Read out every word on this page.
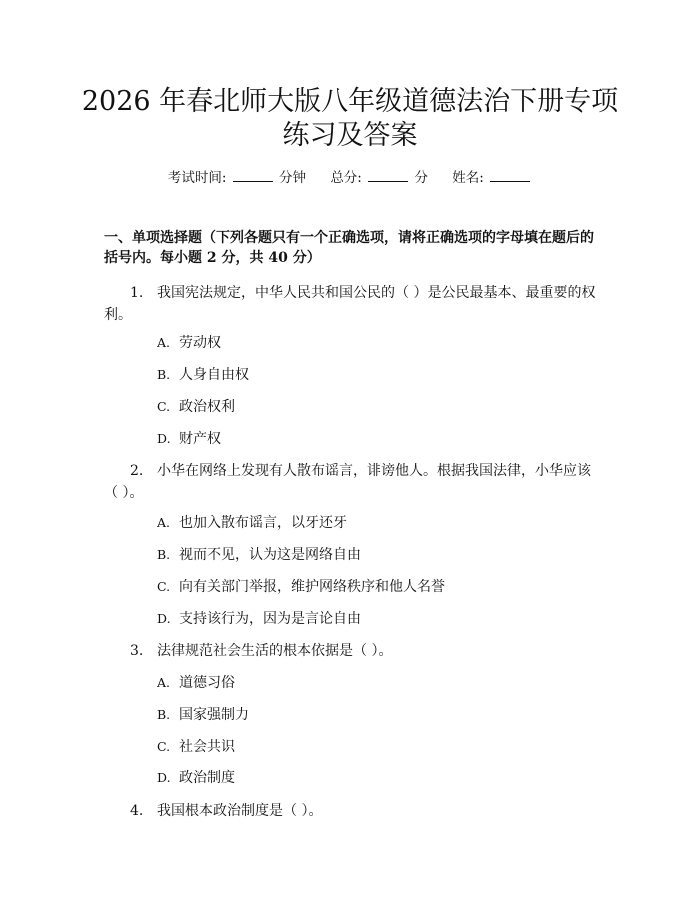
2026 年春北师大版八年级道德法治下册专项
练习及答案
考试时间:	分钟 总分:	分 姓名:

一、单项选择题（下列各题只有一个正确选项，请将正确选项的字母填在题后的括号内。每小题 2 分，共 40 分）

1. 我国宪法规定，中华人民共和国公民的（ ）是公民最基本、最重要的权利。
A. 劳动权
B. 人身自由权
C. 政治权利
D. 财产权
2. 小华在网络上发现有人散布谣言，诽谤他人。根据我国法律，小华应该（ ）。
A. 也加入散布谣言，以牙还牙
B. 视而不见，认为这是网络自由
C. 向有关部门举报，维护网络秩序和他人名誉
D. 支持该行为，因为是言论自由
3. 法律规范社会生活的根本依据是（ ）。
A. 道德习俗
B. 国家强制力
C. 社会共识
D. 政治制度
4. 我国根本政治制度是（ ）。
